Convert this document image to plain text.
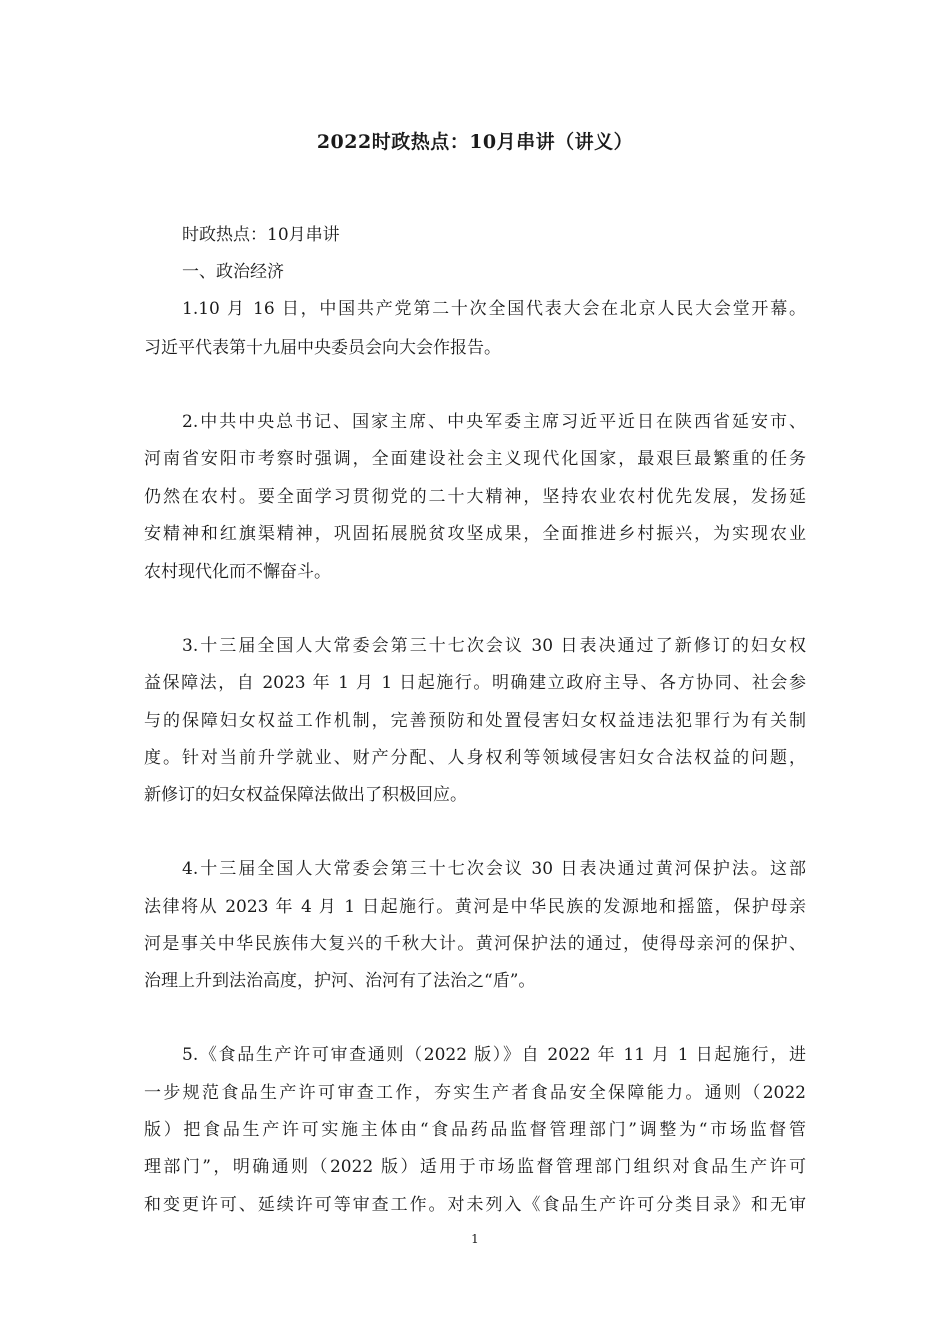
2022时政热点：10月串讲（讲义）
时政热点：10月串讲
一、政治经济
1.10 月 16 日，中国共产党第二十次全国代表大会在北京人民大会堂开幕。
习近平代表第十九届中央委员会向大会作报告。
2.中共中央总书记、国家主席、中央军委主席习近平近日在陕西省延安市、
河南省安阳市考察时强调，全面建设社会主义现代化国家，最艰巨最繁重的任务
仍然在农村。要全面学习贯彻党的二十大精神，坚持农业农村优先发展，发扬延
安精神和红旗渠精神，巩固拓展脱贫攻坚成果，全面推进乡村振兴，为实现农业
农村现代化而不懈奋斗。
3.十三届全国人大常委会第三十七次会议 30 日表决通过了新修订的妇女权
益保障法，自 2023 年 1 月 1 日起施行。明确建立政府主导、各方协同、社会参
与的保障妇女权益工作机制，完善预防和处置侵害妇女权益违法犯罪行为有关制
度。针对当前升学就业、财产分配、人身权利等领域侵害妇女合法权益的问题，
新修订的妇女权益保障法做出了积极回应。
4.十三届全国人大常委会第三十七次会议 30 日表决通过黄河保护法。这部
法律将从 2023 年 4 月 1 日起施行。黄河是中华民族的发源地和摇篮，保护母亲
河是事关中华民族伟大复兴的千秋大计。黄河保护法的通过，使得母亲河的保护、
治理上升到法治高度，护河、治河有了法治之“盾”。
5.《食品生产许可审查通则（2022 版）》自 2022 年 11 月 1 日起施行，进
一步规范食品生产许可审查工作，夯实生产者食品安全保障能力。通则（2022
版）把食品生产许可实施主体由“食品药品监督管理部门”调整为“市场监督管
理部门”，明确通则（2022 版）适用于市场监督管理部门组织对食品生产许可
和变更许可、延续许可等审查工作。对未列入《食品生产许可分类目录》和无审
1
